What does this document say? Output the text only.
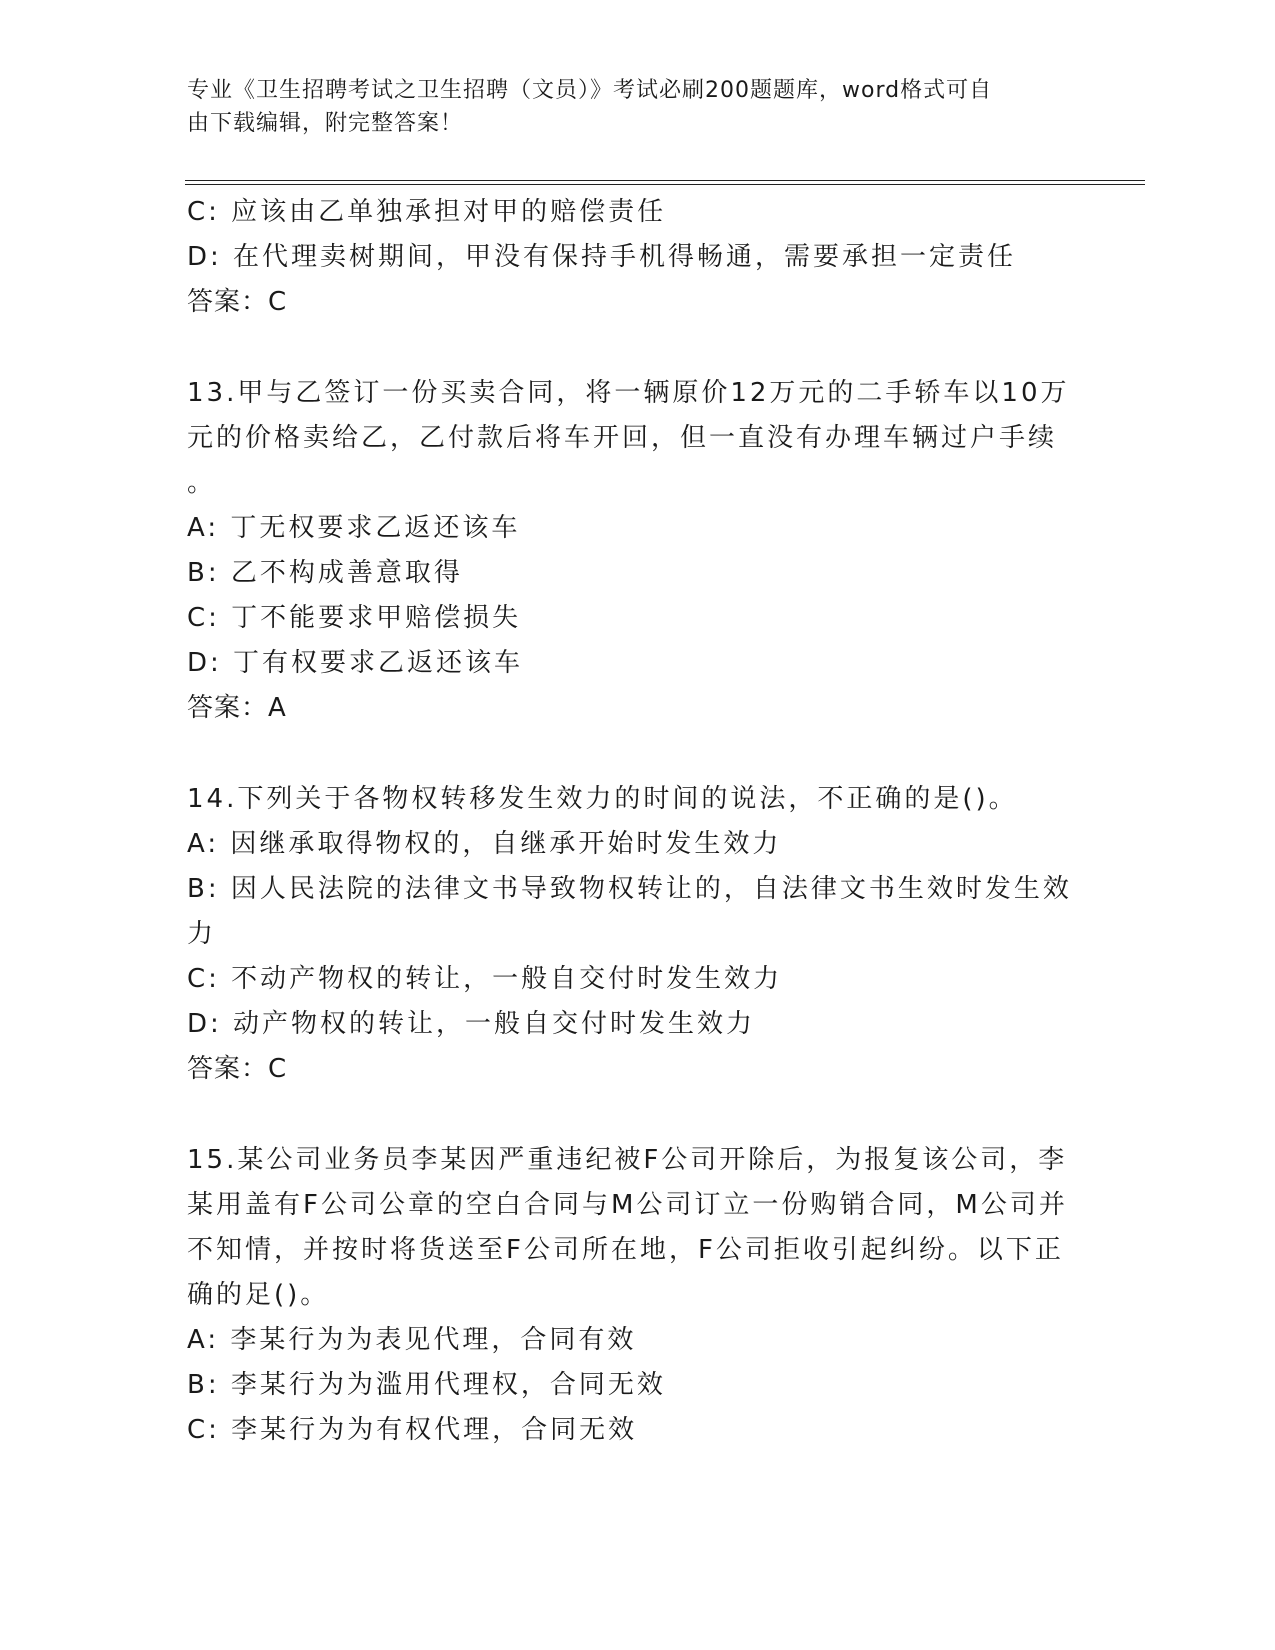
专业《卫生招聘考试之卫生招聘（文员）》考试必刷200题题库，word格式可自
由下载编辑，附完整答案！
C: 应该由乙单独承担对甲的赔偿责任
D: 在代理卖树期间，甲没有保持手机得畅通，需要承担一定责任
答案：C
13.甲与乙签订一份买卖合同，将一辆原价12万元的二手轿车以10万
元的价格卖给乙，乙付款后将车开回，但一直没有办理车辆过户手续
。
A: 丁无权要求乙返还该车
B: 乙不构成善意取得
C: 丁不能要求甲赔偿损失
D: 丁有权要求乙返还该车
答案：A
14.下列关于各物权转移发生效力的时间的说法，不正确的是()。
A: 因继承取得物权的，自继承开始时发生效力
B: 因人民法院的法律文书导致物权转让的，自法律文书生效时发生效
力
C: 不动产物权的转让，一般自交付时发生效力
D: 动产物权的转让，一般自交付时发生效力
答案：C
15.某公司业务员李某因严重违纪被F公司开除后，为报复该公司，李
某用盖有F公司公章的空白合同与M公司订立一份购销合同，M公司并
不知情，并按时将货送至F公司所在地，F公司拒收引起纠纷。以下正
确的足()。
A: 李某行为为表见代理，合同有效
B: 李某行为为滥用代理权，合同无效
C: 李某行为为有权代理，合同无效
